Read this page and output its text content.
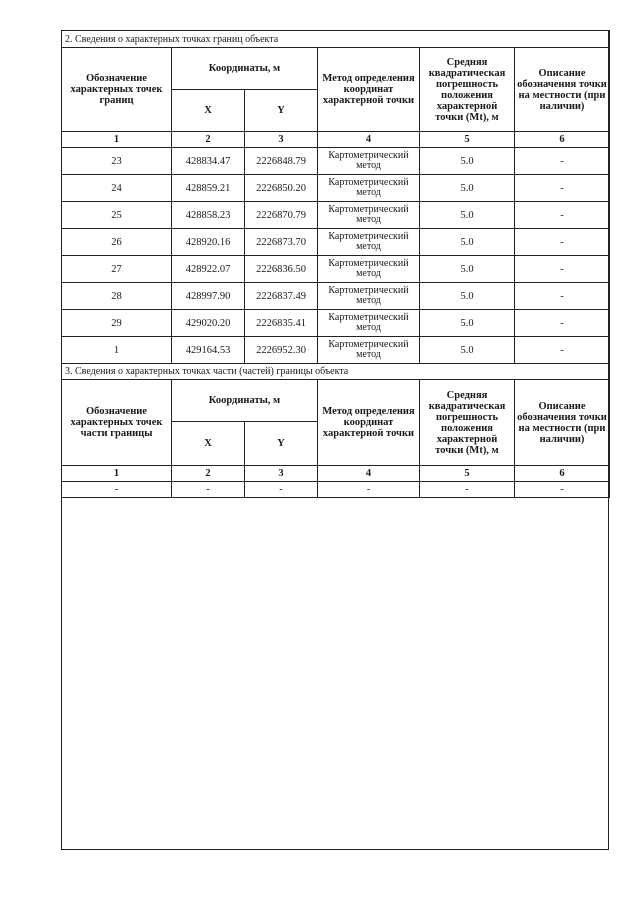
2. Сведения о характерных точках границ объекта					
Обозначение характерных точек границ	Координаты, м		Метод определения координат характерной точки	Средняя квадратическая погрешность положения характерной точки (Mt), м	Описание обозначения точки на местности (при наличии)
	X	Y			
1	2	3	4	5	6
23	428834.47	2226848.79	Картометрический метод	5.0	-
24	428859.21	2226850.20	Картометрический метод	5.0	-
25	428858.23	2226870.79	Картометрический метод	5.0	-
26	428920.16	2226873.70	Картометрический метод	5.0	-
27	428922.07	2226836.50	Картометрический метод	5.0	-
28	428997.90	2226837.49	Картометрический метод	5.0	-
29	429020.20	2226835.41	Картометрический метод	5.0	-
1	429164.53	2226952.30	Картометрический метод	5.0	-
3. Сведения о характерных точках части (частей) границы объекта					
Обозначение характерных точек части границы	Координаты, м		Метод определения координат характерной точки	Средняя квадратическая погрешность положения характерной точки (Mt), м	Описание обозначения точки на местности (при наличии)
	X	Y			
1	2	3	4	5	6
-	-	-	-	-	-
